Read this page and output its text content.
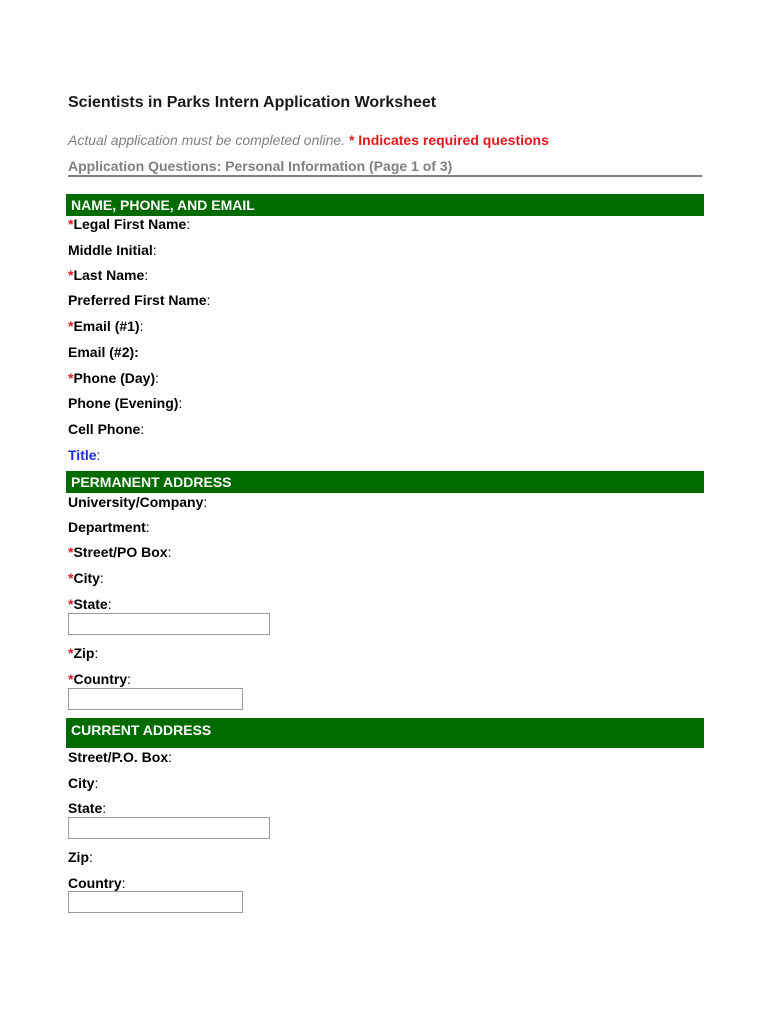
Scientists in Parks Intern Application Worksheet
Actual application must be completed online. * Indicates required questions
Application Questions: Personal Information (Page 1 of 3)
NAME, PHONE, AND EMAIL
*Legal First Name:
Middle Initial:
*Last Name:
Preferred First Name:
*Email (#1):
Email (#2):
*Phone (Day):
Phone (Evening):
Cell Phone:
Title:
PERMANENT ADDRESS
University/Company:
Department:
*Street/PO Box:
*City:
*State:
*Zip:
*Country:
CURRENT ADDRESS
Street/P.O. Box:
City:
State:
Zip:
Country:
